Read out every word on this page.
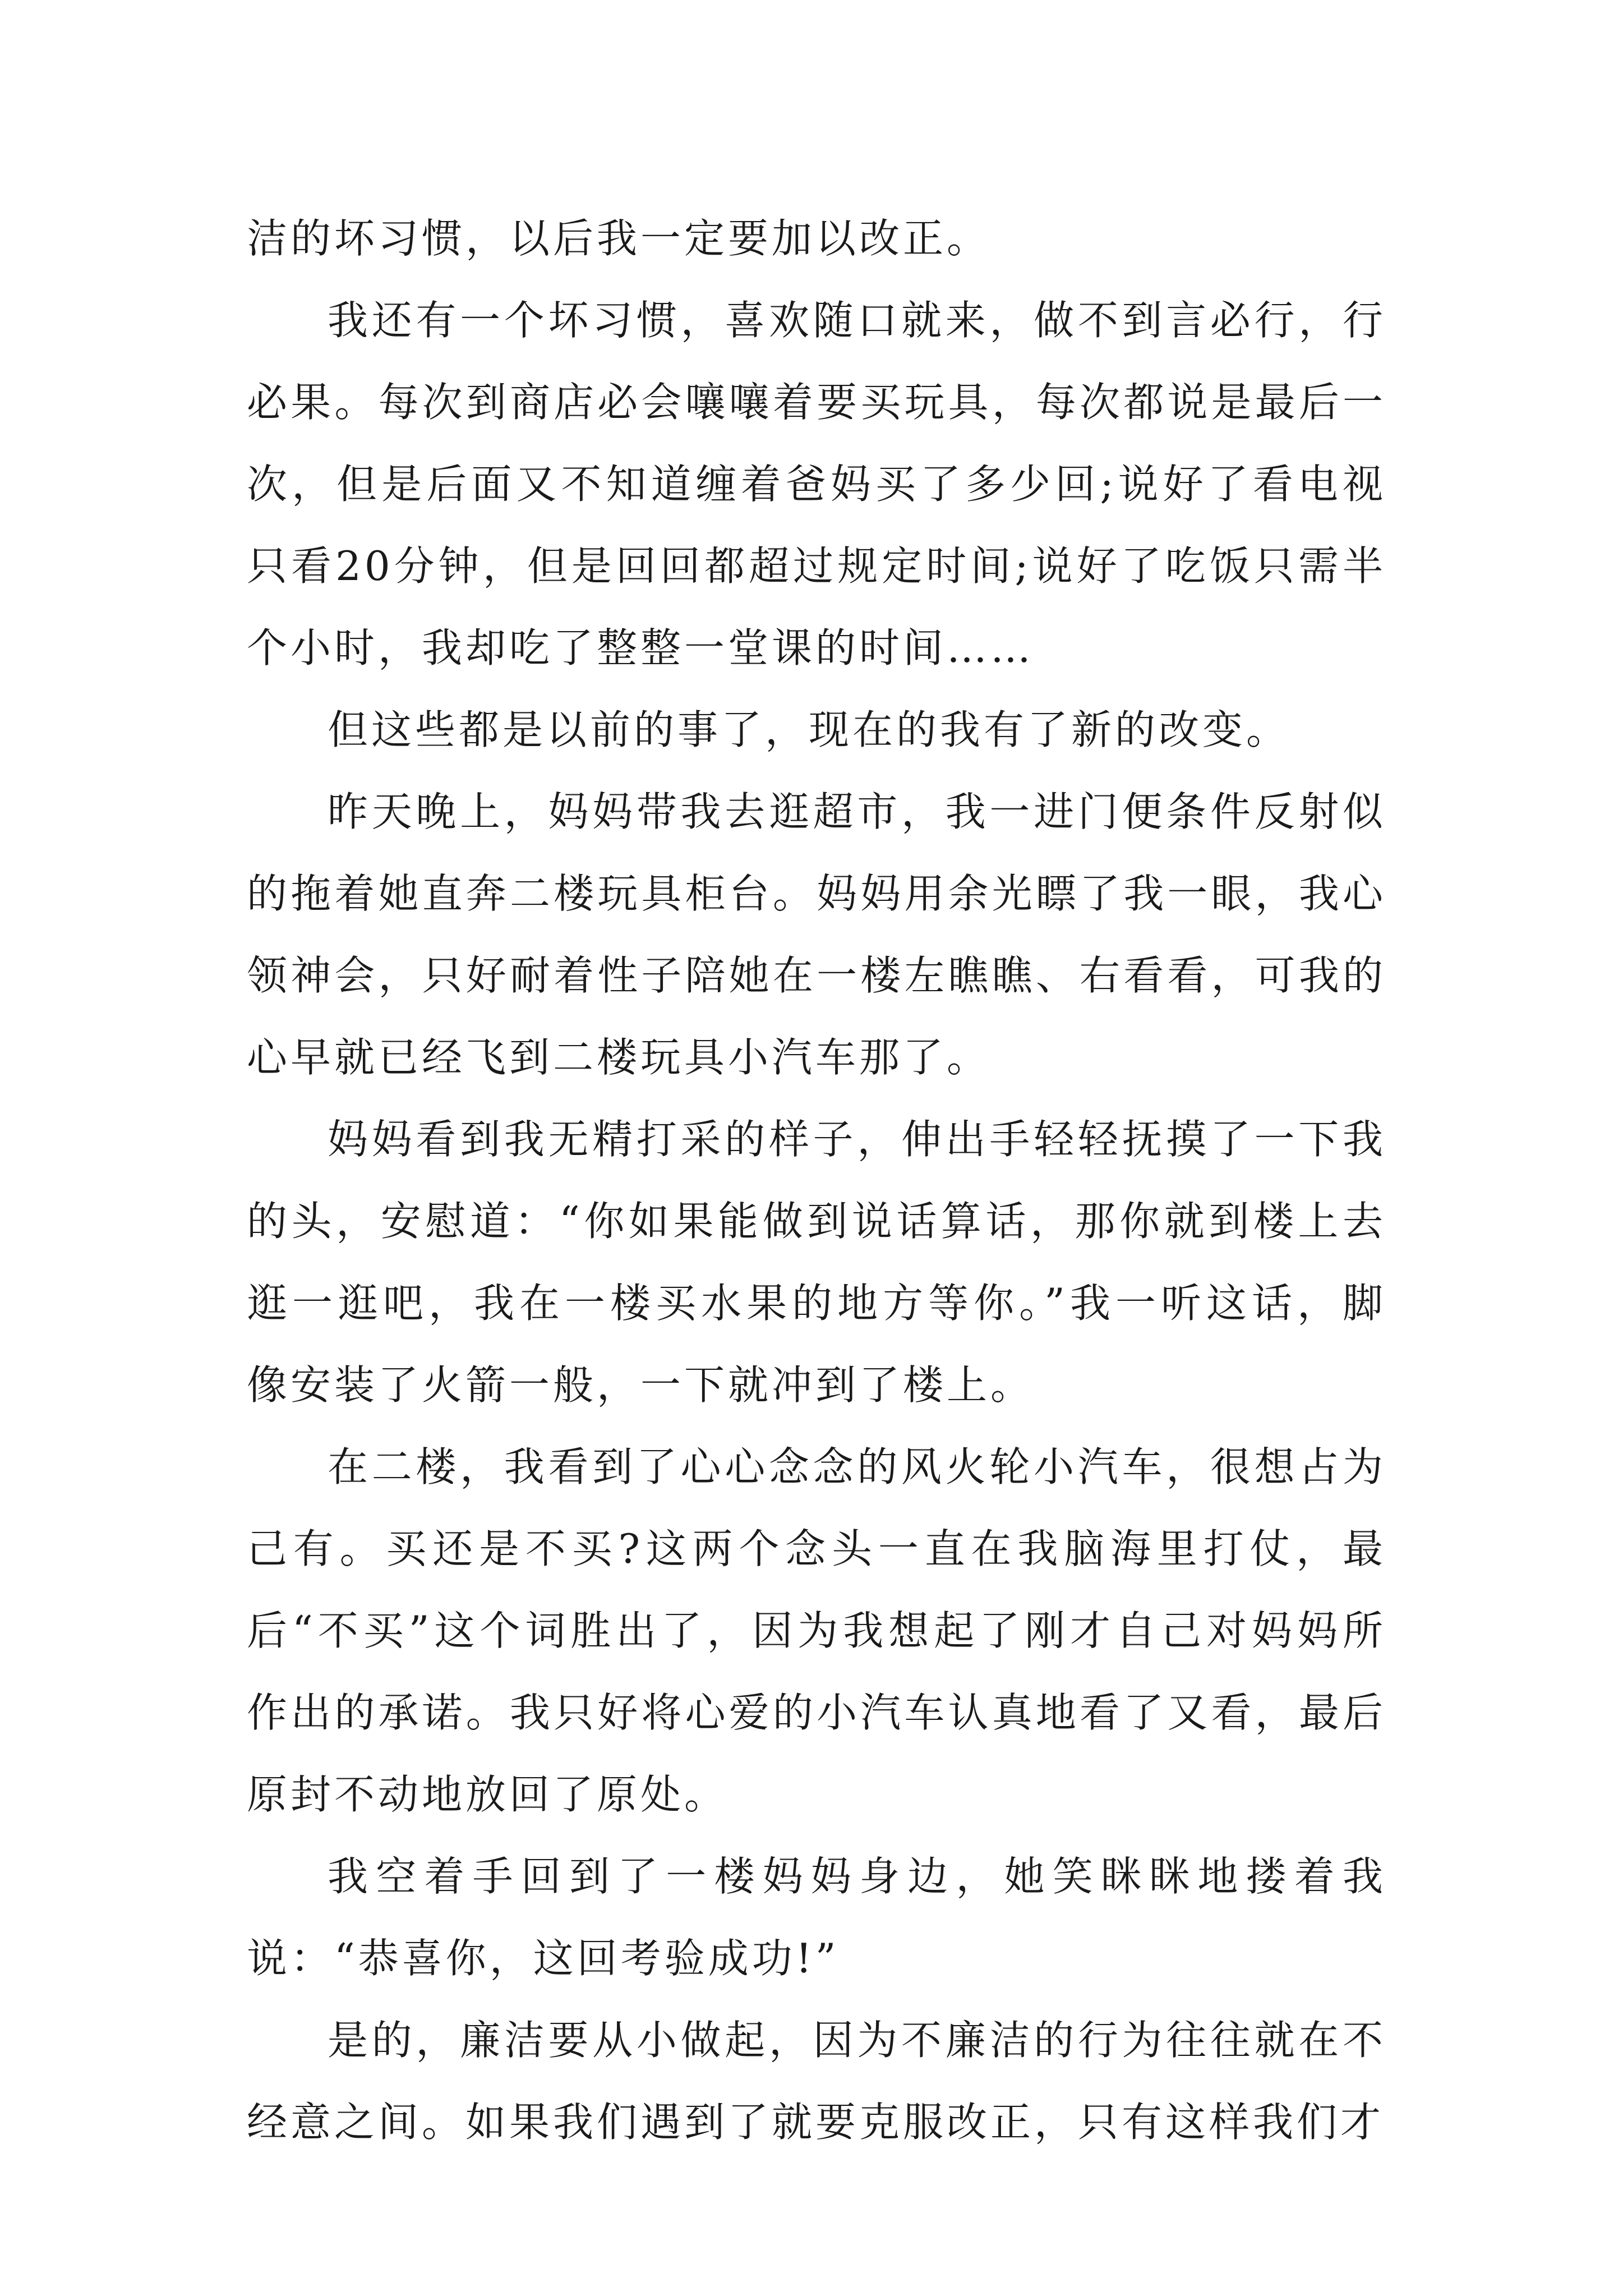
洁的坏习惯，以后我一定要加以改正。

我还有一个坏习惯，喜欢随口就来，做不到言必行，行必果。每次到商店必会嚷嚷着要买玩具，每次都说是最后一次，但是后面又不知道缠着爸妈买了多少回;说好了看电视只看20分钟，但是回回都超过规定时间;说好了吃饭只需半个小时，我却吃了整整一堂课的时间……

但这些都是以前的事了，现在的我有了新的改变。

昨天晚上，妈妈带我去逛超市，我一进门便条件反射似的拖着她直奔二楼玩具柜台。妈妈用余光瞟了我一眼，我心领神会，只好耐着性子陪她在一楼左瞧瞧、右看看，可我的心早就已经飞到二楼玩具小汽车那了。

妈妈看到我无精打采的样子，伸出手轻轻抚摸了一下我的头，安慰道：“你如果能做到说话算话，那你就到楼上去逛一逛吧，我在一楼买水果的地方等你。”我一听这话，脚像安装了火箭一般，一下就冲到了楼上。

在二楼，我看到了心心念念的风火轮小汽车，很想占为己有。买还是不买?这两个念头一直在我脑海里打仗，最后“不买”这个词胜出了，因为我想起了刚才自己对妈妈所作出的承诺。我只好将心爱的小汽车认真地看了又看，最后原封不动地放回了原处。

我空着手回到了一楼妈妈身边，她笑眯眯地搂着我说：“恭喜你，这回考验成功!”

是的，廉洁要从小做起，因为不廉洁的行为往往就在不经意之间。如果我们遇到了就要克服改正，只有这样我们才
